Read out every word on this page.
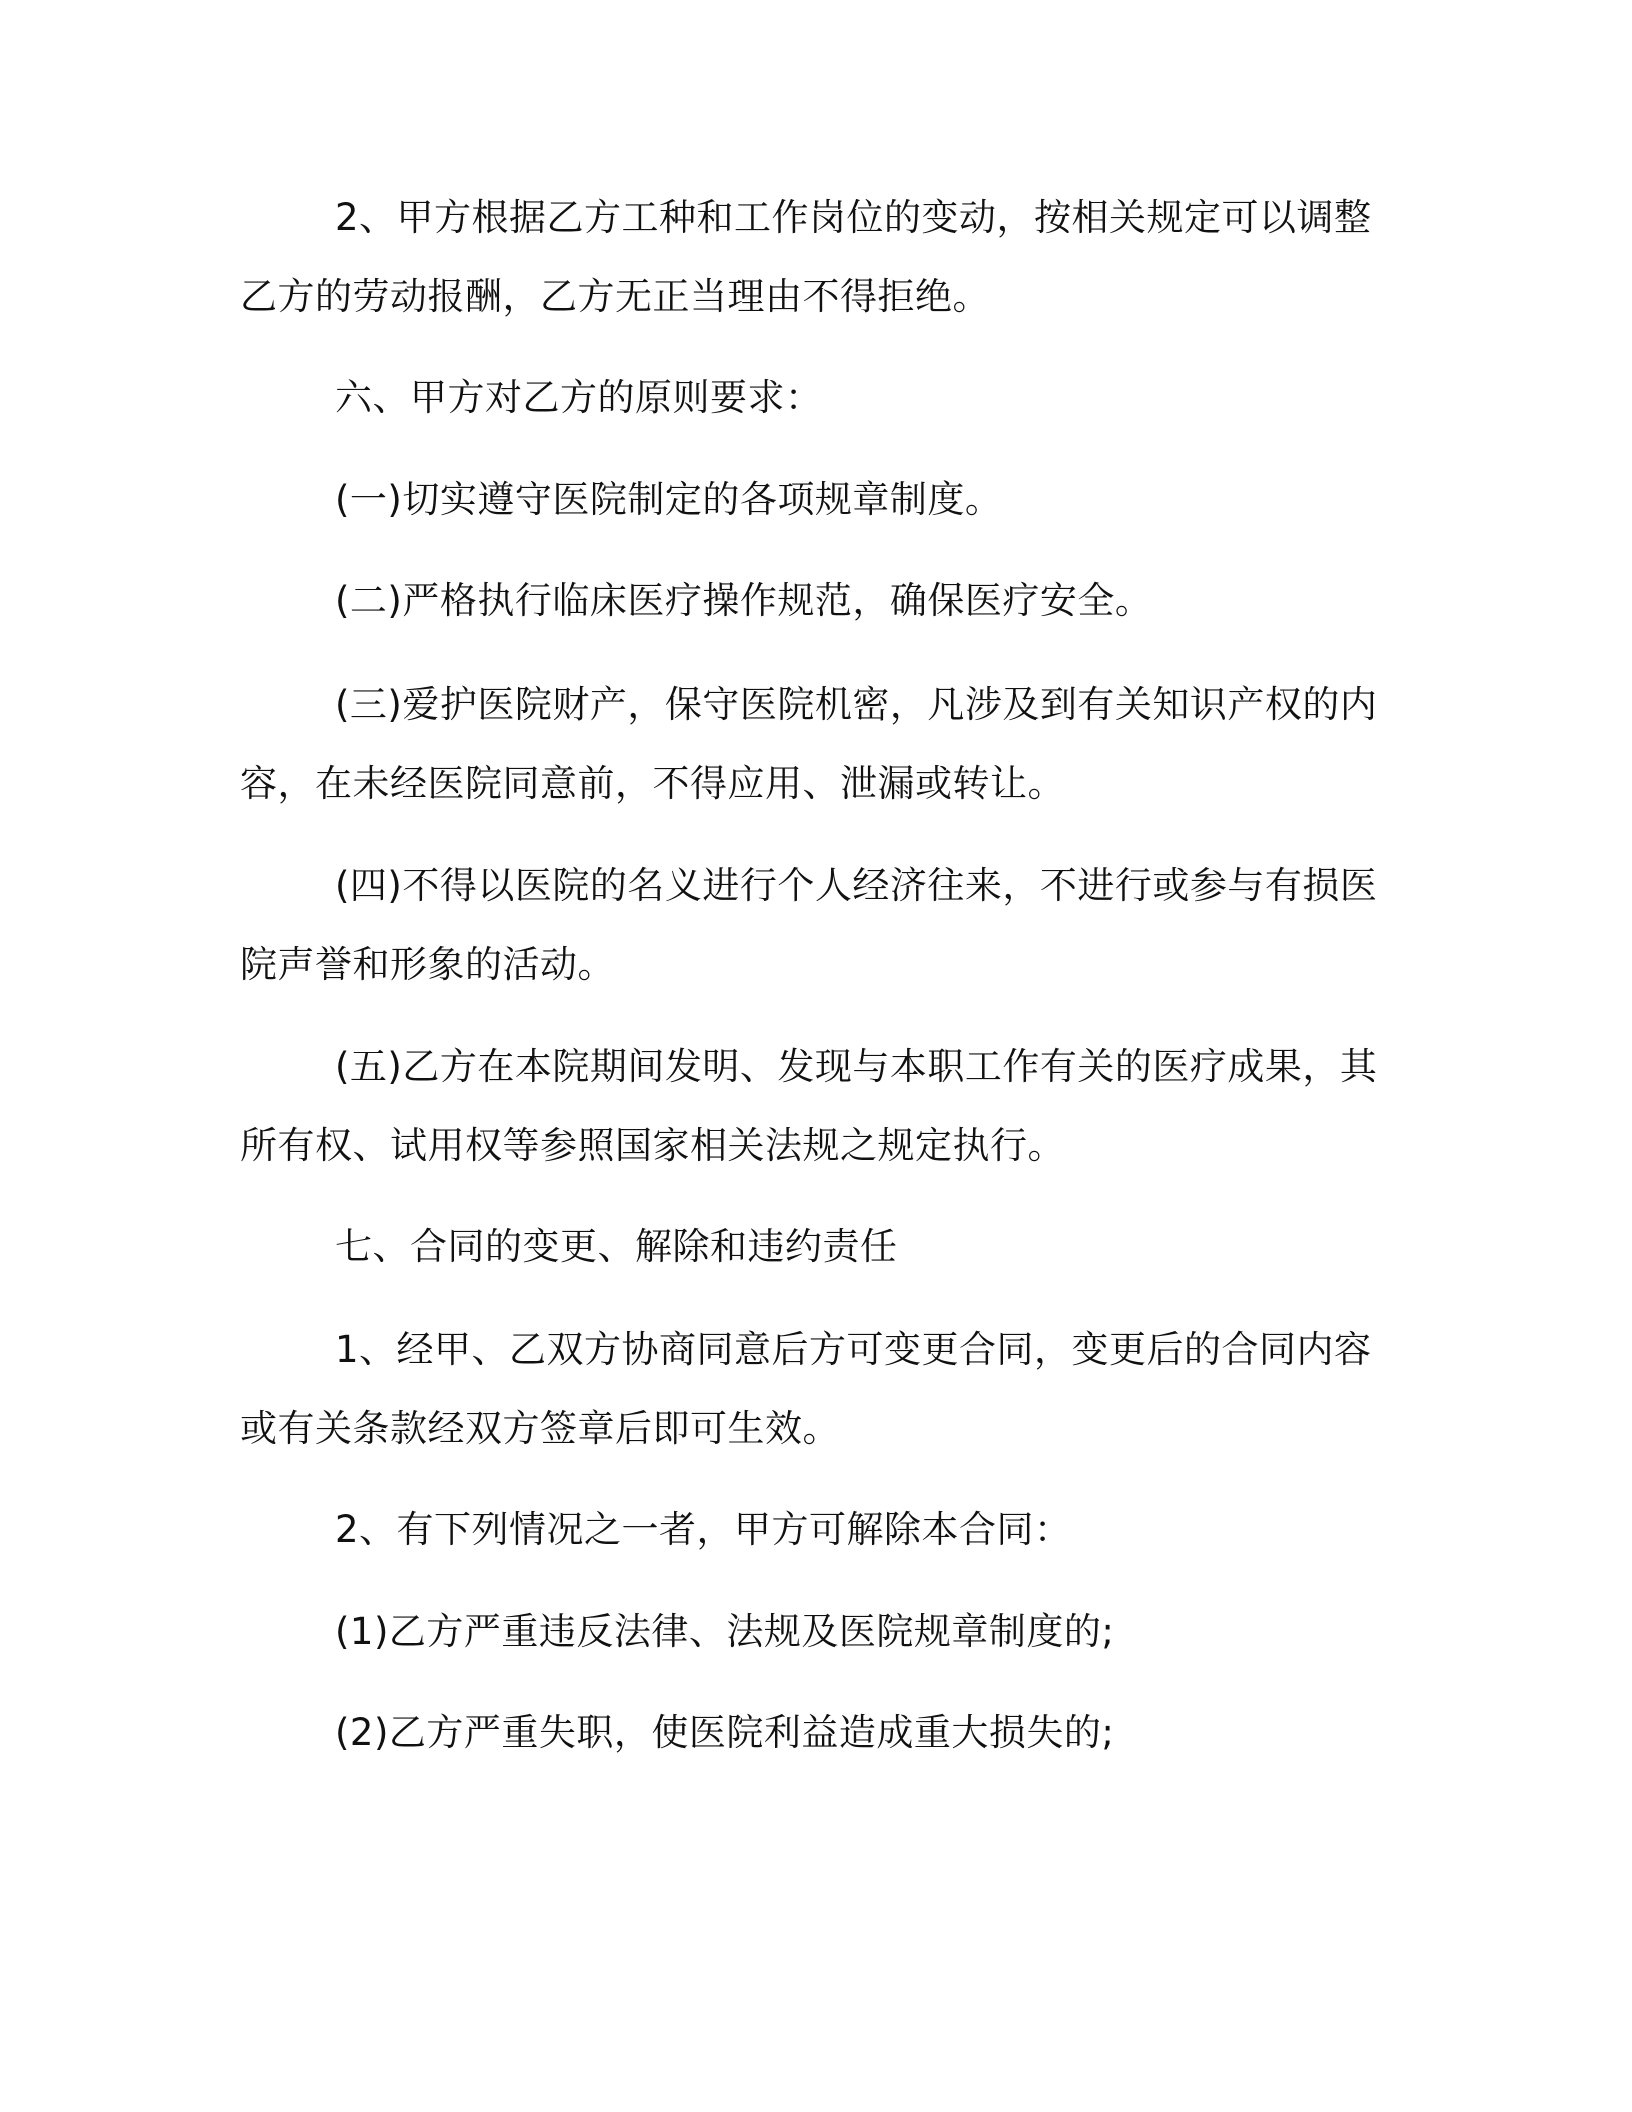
2、甲方根据乙方工种和工作岗位的变动，按相关规定可以调整
乙方的劳动报酬，乙方无正当理由不得拒绝。
六、甲方对乙方的原则要求：
(一)切实遵守医院制定的各项规章制度。
(二)严格执行临床医疗操作规范，确保医疗安全。
(三)爱护医院财产，保守医院机密，凡涉及到有关知识产权的内
容，在未经医院同意前，不得应用、泄漏或转让。
(四)不得以医院的名义进行个人经济往来，不进行或参与有损医
院声誉和形象的活动。
(五)乙方在本院期间发明、发现与本职工作有关的医疗成果，其
所有权、试用权等参照国家相关法规之规定执行。
七、合同的变更、解除和违约责任
1、经甲、乙双方协商同意后方可变更合同，变更后的合同内容
或有关条款经双方签章后即可生效。
2、有下列情况之一者，甲方可解除本合同：
(1)乙方严重违反法律、法规及医院规章制度的;
(2)乙方严重失职，使医院利益造成重大损失的;
